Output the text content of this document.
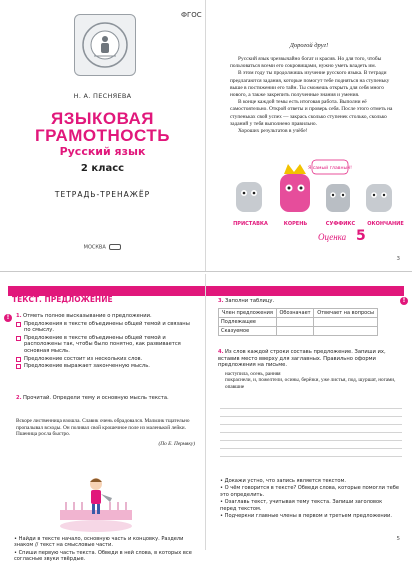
ФГОС
Н. А. ПЕСНЯЕВА
ЯЗЫКОВАЯ
ГРАМОТНОСТЬ
Русский язык
2 класс
ТЕТРАДЬ-ТРЕНАЖЁР
МОСКВА
Дорогой друг!

Русский язык чрезвычайно богат и красив. Но для того, чтобы пользоваться всеми его сокровищами, нужно уметь владеть им.

В этом году ты продолжишь изучение русского языка. В тетради предлагаются задания, которые помогут тебе подняться на ступеньку выше в постижении его тайн. Ты сможешь открыть для себя много нового, а также закрепить полученные знания и умения.

В конце каждой темы есть итоговая работа. Выполни её самостоятельно. Открой ответы и проверь себя. После этого отметь на ступеньках свой успех — закрась сколько ступенек столько, сколько заданий у тебя выполнено правильно.

Хороших результатов в учёбе!

Я самый главный!
ПРИСТАВКА	КОРЕНЬ	СУФФИКС	ОКОНЧАНИЕ
Оценка 5
3
ТЕКСТ. ПРЕДЛОЖЕНИЕ
!	1.Отметь полное высказывание о предложении.
Предложения в тексте объединены общей темой и связаны по смыслу.
Предложение в тексте объединены общей темой и расположены так, чтобы было понятно, как развивается основная мысль.
Предложение состоит из нескольких слов.
Предложение выражает законченную мысль.
2.Прочитай. Определи тему и основную мысль текста.
Вскоре лиственница взошла. Славик очень обрадовался. Мальчик тщательно пропалывал всходы. Он поливал свой крошечное поле из маленькой лейки. Пшеница росла быстро.
(По Е. Пермяку)
• Найди в тексте начало, основную часть и концовку. Раздели знаком // текст на смысловые части.
• Спиши первую часть текста. Обведи в ней слова, в которых все согласные звуки твёрдые.
!
3.Заполни таблицу.
Член предложения	Обозначает	Отвечает на вопросы
Подлежащее		
Сказуемое		
4.Из слов каждой строки составь предложение. Запиши их, вставив место вверху для заглавных. Правильно оформи предложения на письме.
наступила, осень, ранняя
покраснели, и, пожелтели, осины, берёзки, уже листья, под, шуршат, ногами, опавшие
• Докажи устно, что запись является текстом.
• О чём говорится в тексте? Обведи слова, которые помогли тебе это определить.
• Озаглавь текст, учитывая тему текста. Запиши заголовок перед текстом.
• Подчеркни главные члены в первом и третьем предложении.
5
